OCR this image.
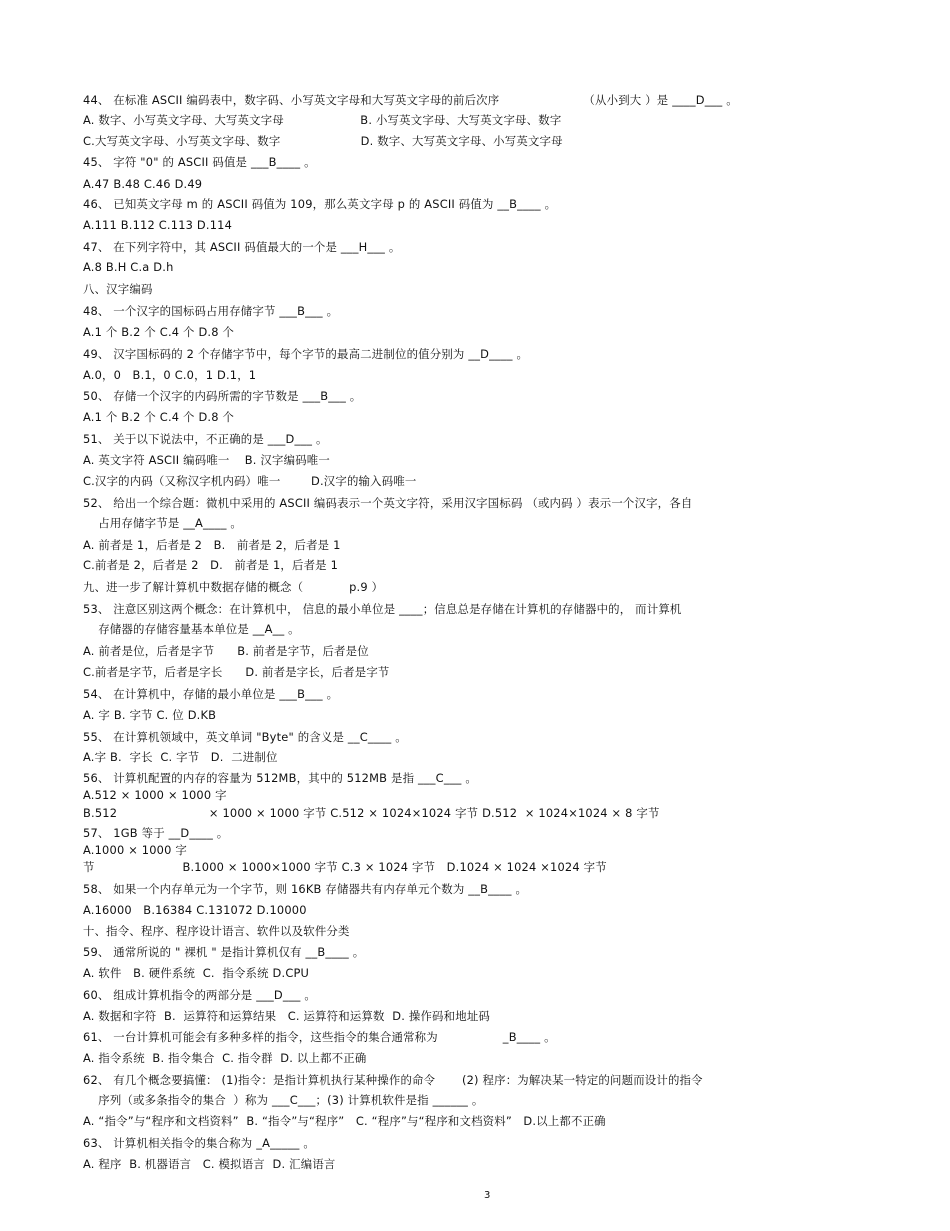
44、 在标准 ASCII 编码表中，数字码、小写英文字母和大写英文字母的前后次序                      （从小到大 ）是 ____D___ 。
A. 数字、小写英文字母、大写英文字母                    B. 小写英文字母、大写英文字母、数字
C.大写英文字母、小写英文字母、数字                     D. 数字、大写英文字母、小写英文字母
45、 字符 "0" 的 ASCII 码值是 ___B____ 。
A.47 B.48 C.46 D.49
46、 已知英文字母 m 的 ASCII 码值为 109，那么英文字母 p 的 ASCII 码值为 __B____ 。
A.111 B.112 C.113 D.114
47、 在下列字符中，其 ASCII 码值最大的一个是 ___H___ 。
A.8 B.H C.a D.h
八、汉字编码
48、 一个汉字的国标码占用存储字节 ___B___ 。
A.1 个 B.2 个 C.4 个 D.8 个
49、 汉字国标码的 2 个存储字节中，每个字节的最高二进制位的值分别为 __D____ 。
A.0，0   B.1，0 C.0，1 D.1，1
50、 存储一个汉字的内码所需的字节数是 ___B___ 。
A.1 个 B.2 个 C.4 个 D.8 个
51、 关于以下说法中，不正确的是 ___D___ 。
A. 英文字符 ASCII 编码唯一    B. 汉字编码唯一
C.汉字的内码（又称汉字机内码）唯一        D.汉字的输入码唯一
52、 给出一个综合题：微机中采用的 ASCII 编码表示一个英文字符，采用汉字国标码 （或内码 ）表示一个汉字，各自
占用存储字节是 __A____ 。
A. 前者是 1，后者是 2   B.   前者是 2，后者是 1
C.前者是 2，后者是 2   D.   前者是 1，后者是 1
九、进一步了解计算机中数据存储的概念（            p.9 ）
53、 注意区别这两个概念：在计算机中， 信息的最小单位是 ____；信息总是存储在计算机的存储器中的， 而计算机
存储器的存储容量基本单位是 __A__ 。
A. 前者是位，后者是字节      B. 前者是字节，后者是位
C.前者是字节，后者是字长      D. 前者是字长，后者是字节
54、 在计算机中，存储的最小单位是 ___B___ 。
A. 字 B. 字节 C. 位 D.KB
55、 在计算机领域中，英文单词 "Byte" 的含义是 __C____ 。
A.字 B.  字长  C. 字节   D.  二进制位
56、 计算机配置的内存的容量为 512MB，其中的 512MB 是指 ___C___ 。
A.512 × 1000 × 1000 字
B.512                        × 1000 × 1000 字节 C.512 × 1024×1024 字节 D.512  × 1024×1024 × 8 字节
57、 1GB 等于 __D____ 。
A.1000 × 1000 字
节                       B.1000 × 1000×1000 字节 C.3 × 1024 字节   D.1024 × 1024 ×1024 字节
58、 如果一个内存单元为一个字节，则 16KB 存储器共有内存单元个数为 __B____ 。
A.16000   B.16384 C.131072 D.10000
十、指令、程序、程序设计语言、软件以及软件分类
59、 通常所说的 " 裸机 " 是指计算机仅有 __B____ 。
A. 软件   B. 硬件系统  C.  指令系统 D.CPU
60、 组成计算机指令的两部分是 ___D___ 。
A. 数据和字符  B.  运算符和运算结果   C. 运算符和运算数  D. 操作码和地址码
61、 一台计算机可能会有多种多样的指令，这些指令的集合通常称为                 _B____ 。
A. 指令系统  B. 指令集合  C. 指令群  D. 以上都不正确
62、 有几个概念要搞懂： (1)指令：是指计算机执行某种操作的命令       (2) 程序：为解决某一特定的问题而设计的指令
序列（或多条指令的集合  ）称为 ___C___；(3) 计算机软件是指 ______ 。
A. “指令”与“程序和文档资料”  B. “指令”与“程序”   C. “程序”与“程序和文档资料”   D.以上都不正确
63、 计算机相关指令的集合称为 _A_____ 。
A. 程序  B. 机器语言   C. 模拟语言  D. 汇编语言
3
